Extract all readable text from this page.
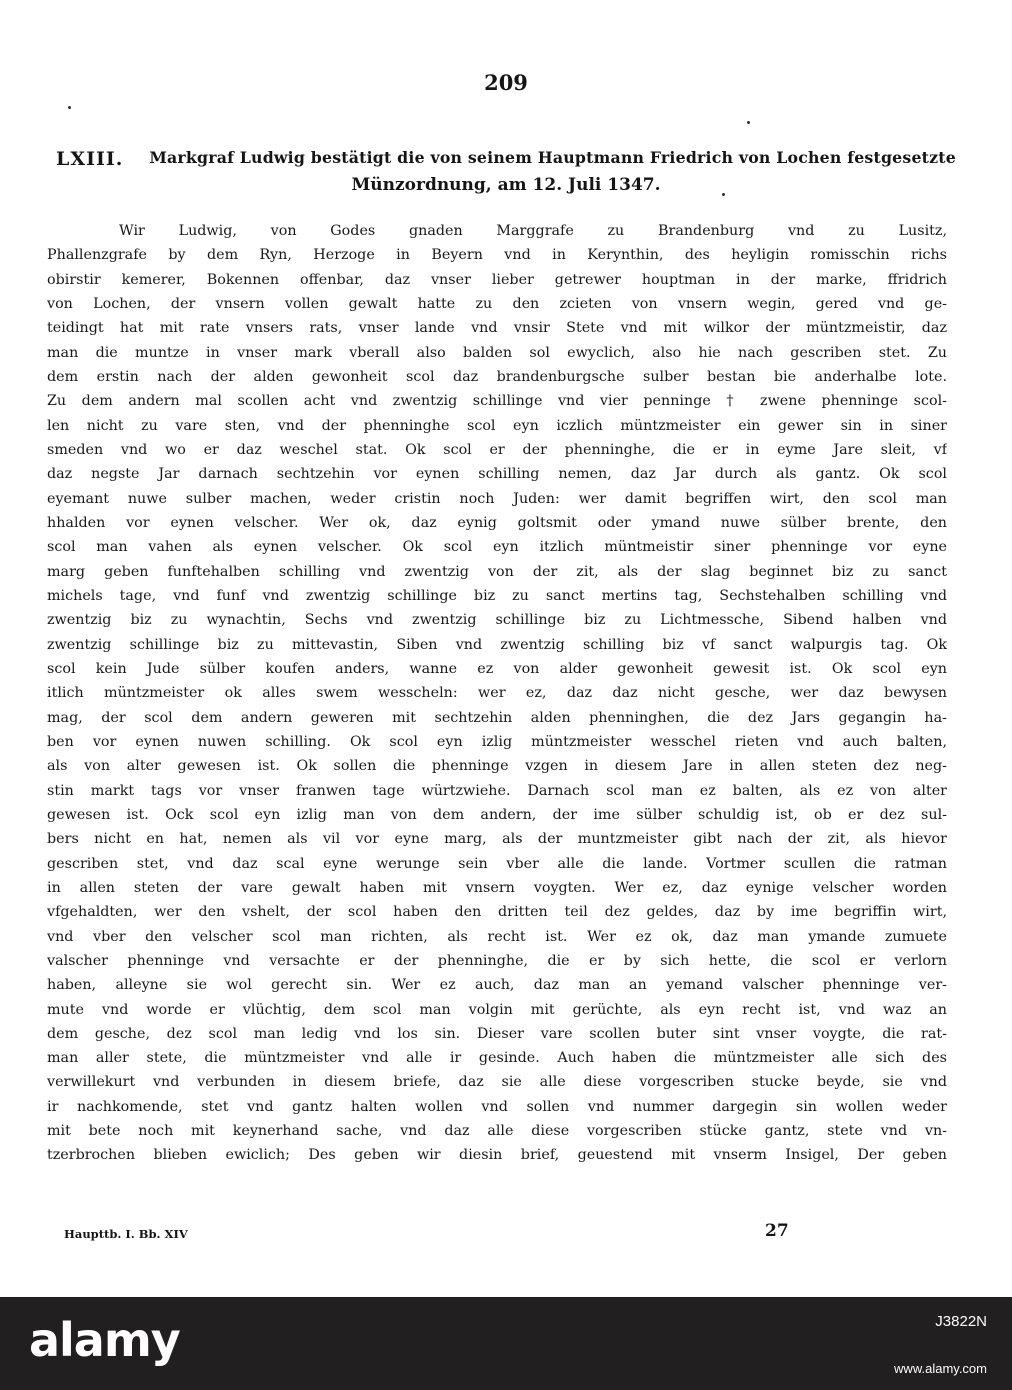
209
LXIII. Markgraf Ludwig bestätigt die von seinem Hauptmann Friedrich von Lochen festgesetzte
Münzordnung, am 12. Juli 1347.
Wir Ludwig, von Godes gnaden Marggrafe zu Brandenburg vnd zu Lusitz,
Phallenzgrafe by dem Ryn, Herzoge in Beyern vnd in Kerynthin, des heyligin romisschin richs
obirstir kemerer, Bokennen offenbar, daz vnser lieber getrewer houptman in der marke, ffridrich
von Lochen, der vnsern vollen gewalt hatte zu den zcieten von vnsern wegin, gered vnd ge-
teidingt hat mit rate vnsers rats, vnser lande vnd vnsir Stete vnd mit wilkor der müntzmeistir, daz
man die muntze in vnser mark vberall also balden sol ewyclich, also hie nach gescriben stet. Zu
dem erstin nach der alden gewonheit scol daz brandenburgsche sulber bestan bie anderhalbe lote.
Zu dem andern mal scollen acht vnd zwentzig schillinge vnd vier penninge † zwene phenninge scol-
len nicht zu vare sten, vnd der phenninghe scol eyn iczlich müntzmeister ein gewer sin in siner
smeden vnd wo er daz weschel stat. Ok scol er der phenninghe, die er in eyme Jare sleit, vf
daz negste Jar darnach sechtzehin vor eynen schilling nemen, daz Jar durch als gantz. Ok scol
eyemant nuwe sulber machen, weder cristin noch Juden: wer damit begriffen wirt, den scol man
hhalden vor eynen velscher. Wer ok, daz eynig goltsmit oder ymand nuwe sülber brente, den
scol man vahen als eynen velscher. Ok scol eyn itzlich müntmeistir siner phenninge vor eyne
marg geben funftehalben schilling vnd zwentzig von der zit, als der slag beginnet biz zu sanct
michels tage, vnd funf vnd zwentzig schillinge biz zu sanct mertins tag, Sechstehalben schilling vnd
zwentzig biz zu wynachtin, Sechs vnd zwentzig schillinge biz zu Lichtmessche, Sibend halben vnd
zwentzig schillinge biz zu mittevastin, Siben vnd zwentzig schilling biz vf sanct walpurgis tag. Ok
scol kein Jude sülber koufen anders, wanne ez von alder gewonheit gewesit ist. Ok scol eyn
itlich müntzmeister ok alles swem wesscheln: wer ez, daz daz nicht gesche, wer daz bewysen
mag, der scol dem andern geweren mit sechtzehin alden phenninghen, die dez Jars gegangin ha-
ben vor eynen nuwen schilling. Ok scol eyn izlig müntzmeister wesschel rieten vnd auch balten,
als von alter gewesen ist. Ok sollen die phenninge vzgen in diesem Jare in allen steten dez neg-
stin markt tags vor vnser franwen tage würtzwiehe. Darnach scol man ez balten, als ez von alter
gewesen ist. Ock scol eyn izlig man von dem andern, der ime sülber schuldig ist, ob er dez sul-
bers nicht en hat, nemen als vil vor eyne marg, als der muntzmeister gibt nach der zit, als hievor
gescriben stet, vnd daz scal eyne werunge sein vber alle die lande. Vortmer scullen die ratman
in allen steten der vare gewalt haben mit vnsern voygten. Wer ez, daz eynige velscher worden
vfgehaldten, wer den vshelt, der scol haben den dritten teil dez geldes, daz by ime begriffin wirt,
vnd vber den velscher scol man richten, als recht ist. Wer ez ok, daz man ymande zumuete
valscher phenninge vnd versachte er der phenninghe, die er by sich hette, die scol er verlorn
haben, alleyne sie wol gerecht sin. Wer ez auch, daz man an yemand valscher phenninge ver-
mute vnd worde er vlüchtig, dem scol man volgin mit gerüchte, als eyn recht ist, vnd waz an
dem gesche, dez scol man ledig vnd los sin. Dieser vare scollen buter sint vnser voygte, die rat-
man aller stete, die müntzmeister vnd alle ir gesinde. Auch haben die müntzmeister alle sich des
verwillekurt vnd verbunden in diesem briefe, daz sie alle diese vorgescriben stucke beyde, sie vnd
ir nachkomende, stet vnd gantz halten wollen vnd sollen vnd nummer dargegin sin wollen weder
mit bete noch mit keynerhand sache, vnd daz alle diese vorgescriben stücke gantz, stete vnd vn-
tzerbrochen blieben ewiclich; Des geben wir diesin brief, geuestend mit vnserm Insigel, Der geben
Haupttb. I. Bb. XIV	27
alamy	J3822N
www.alamy.com
